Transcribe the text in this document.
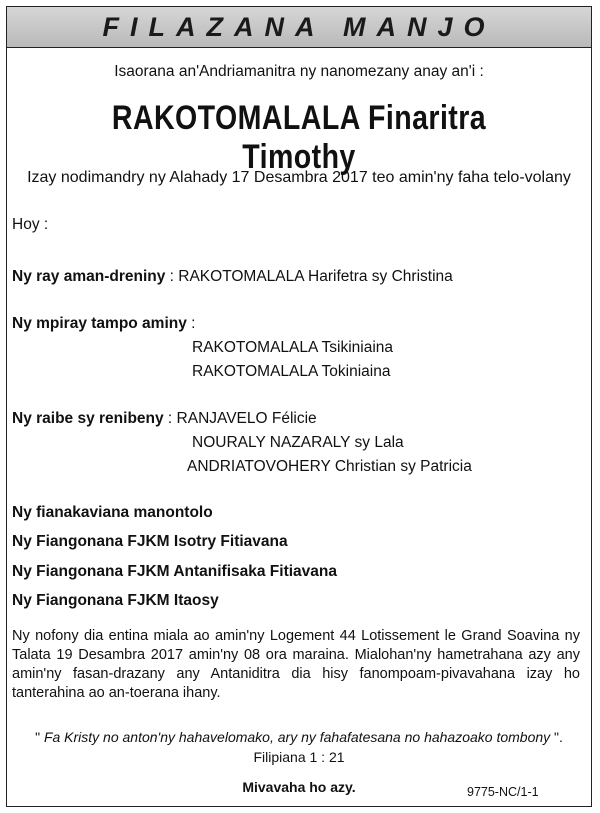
FILAZANA MANJO
Isaorana an'Andriamanitra ny nanomezany anay an'i :
RAKOTOMALALA Finaritra Timothy
Izay nodimandry ny Alahady 17 Desambra 2017 teo amin'ny faha telo-volany
Hoy :
Ny ray aman-dreniny : RAKOTOMALALA Harifetra sy Christina
Ny mpiray tampo aminy :
RAKOTOMALALA Tsikiniaina
RAKOTOMALALA Tokiniaina
Ny raibe sy renibeny : RANJAVELO Félicie
NOURALY NAZARALY sy Lala
ANDRIATOVOHERY Christian sy Patricia
Ny fianakaviana manontolo
Ny Fiangonana FJKM Isotry Fitiavana
Ny Fiangonana FJKM Antanifisaka Fitiavana
Ny Fiangonana FJKM Itaosy
Ny nofony dia entina miala ao amin'ny Logement 44 Lotissement le Grand Soavina ny Talata 19 Desambra 2017 amin'ny 08 ora maraina. Mialohan'ny hametrahana azy any amin'ny fasan-drazany any Antaniditra dia hisy fanompoam-pivavahana izay ho tanterahina ao an-toerana ihany.
" Fa Kristy no anton'ny hahavelomako, ary ny fahafatesana no hahazoako tombony ".
Filipiana 1 : 21
Mivavaha ho azy.	9775-NC/1-1
